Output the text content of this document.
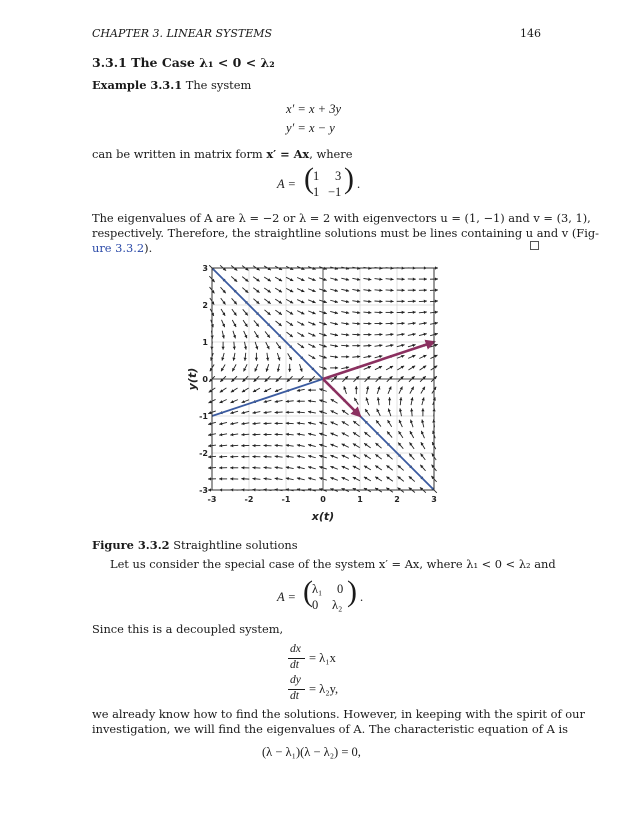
CHAPTER 3. LINEAR SYSTEMS	146
3.3.1 The Case λ₁ < 0 < λ₂
Example 3.3.1 The system
x′ = x + 3y
y′ = x − y
can be written in matrix form x′ = Ax, where
A = ( 1 3
1 −1 ) .
The eigenvalues of A are λ = −2 or λ = 2 with eigenvectors u = (1, −1) and v = (3, 1),
respectively. Therefore, the straightline solutions must be lines containing u and v (Fig-
ure 3.3.2).
-3	-2	-1	0	1	2	3
-3
-2
-1
0
1
2
3
x(t)
y(t)
Figure 3.3.2 Straightline solutions
Let us consider the special case of the system x′ = Ax, where λ₁ < 0 < λ₂ and
A = ( λ₁ 0
0 λ₂ ) .
Since this is a decoupled system,
dx
dt = λ₁x
dy
dt = λ₂y,
we already know how to find the solutions. However, in keeping with the spirit of our
investigation, we will find the eigenvalues of A. The characteristic equation of A is
(λ − λ₁)(λ − λ₂) = 0,
